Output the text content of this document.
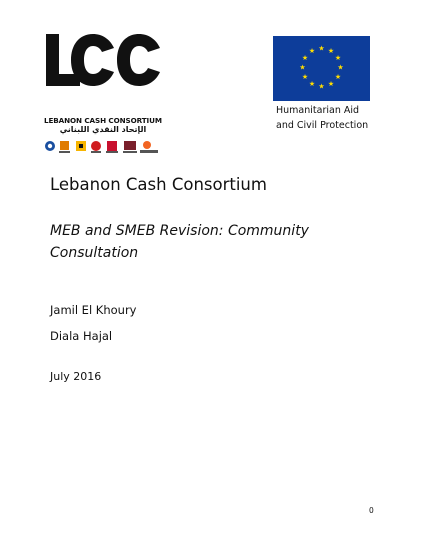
LEBANON CASH CONSORTIUM
الإتحاد النقدي اللبناني
★ ★
★
★
★
★
★
★
★
★
★
★
Humanitarian Aid
and Civil Protection
Lebanon Cash Consortium
MEB and SMEB Revision: Community Consultation
Jamil El Khoury
Diala Hajal
July 2016
0
